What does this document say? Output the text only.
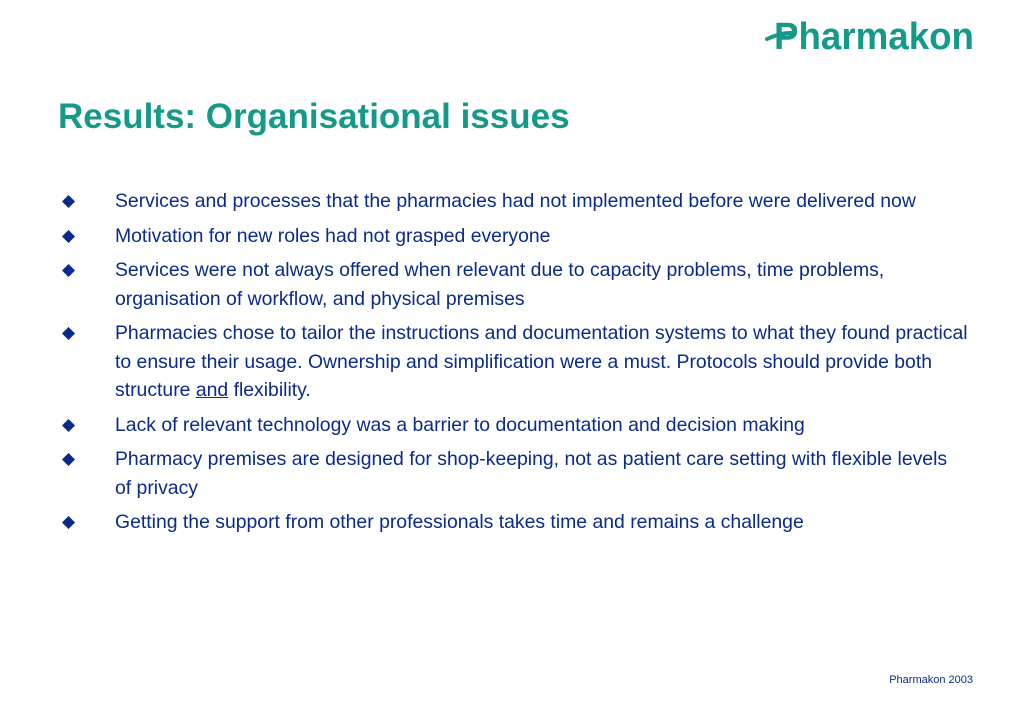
Pharmakon
Results: Organisational issues
Services and processes that the pharmacies had not implemented before were delivered now
Motivation for new roles had not grasped everyone
Services were not always offered when relevant due to capacity problems, time problems, organisation of workflow, and physical premises
Pharmacies chose to tailor the instructions and documentation systems to what they found practical to ensure their usage. Ownership and simplification were a must. Protocols should provide both structure and flexibility.
Lack of relevant technology was a barrier to documentation and decision making
Pharmacy premises are designed for shop-keeping, not as patient care setting with flexible levels of privacy
Getting the support from other professionals takes time and remains a challenge
Pharmakon 2003
